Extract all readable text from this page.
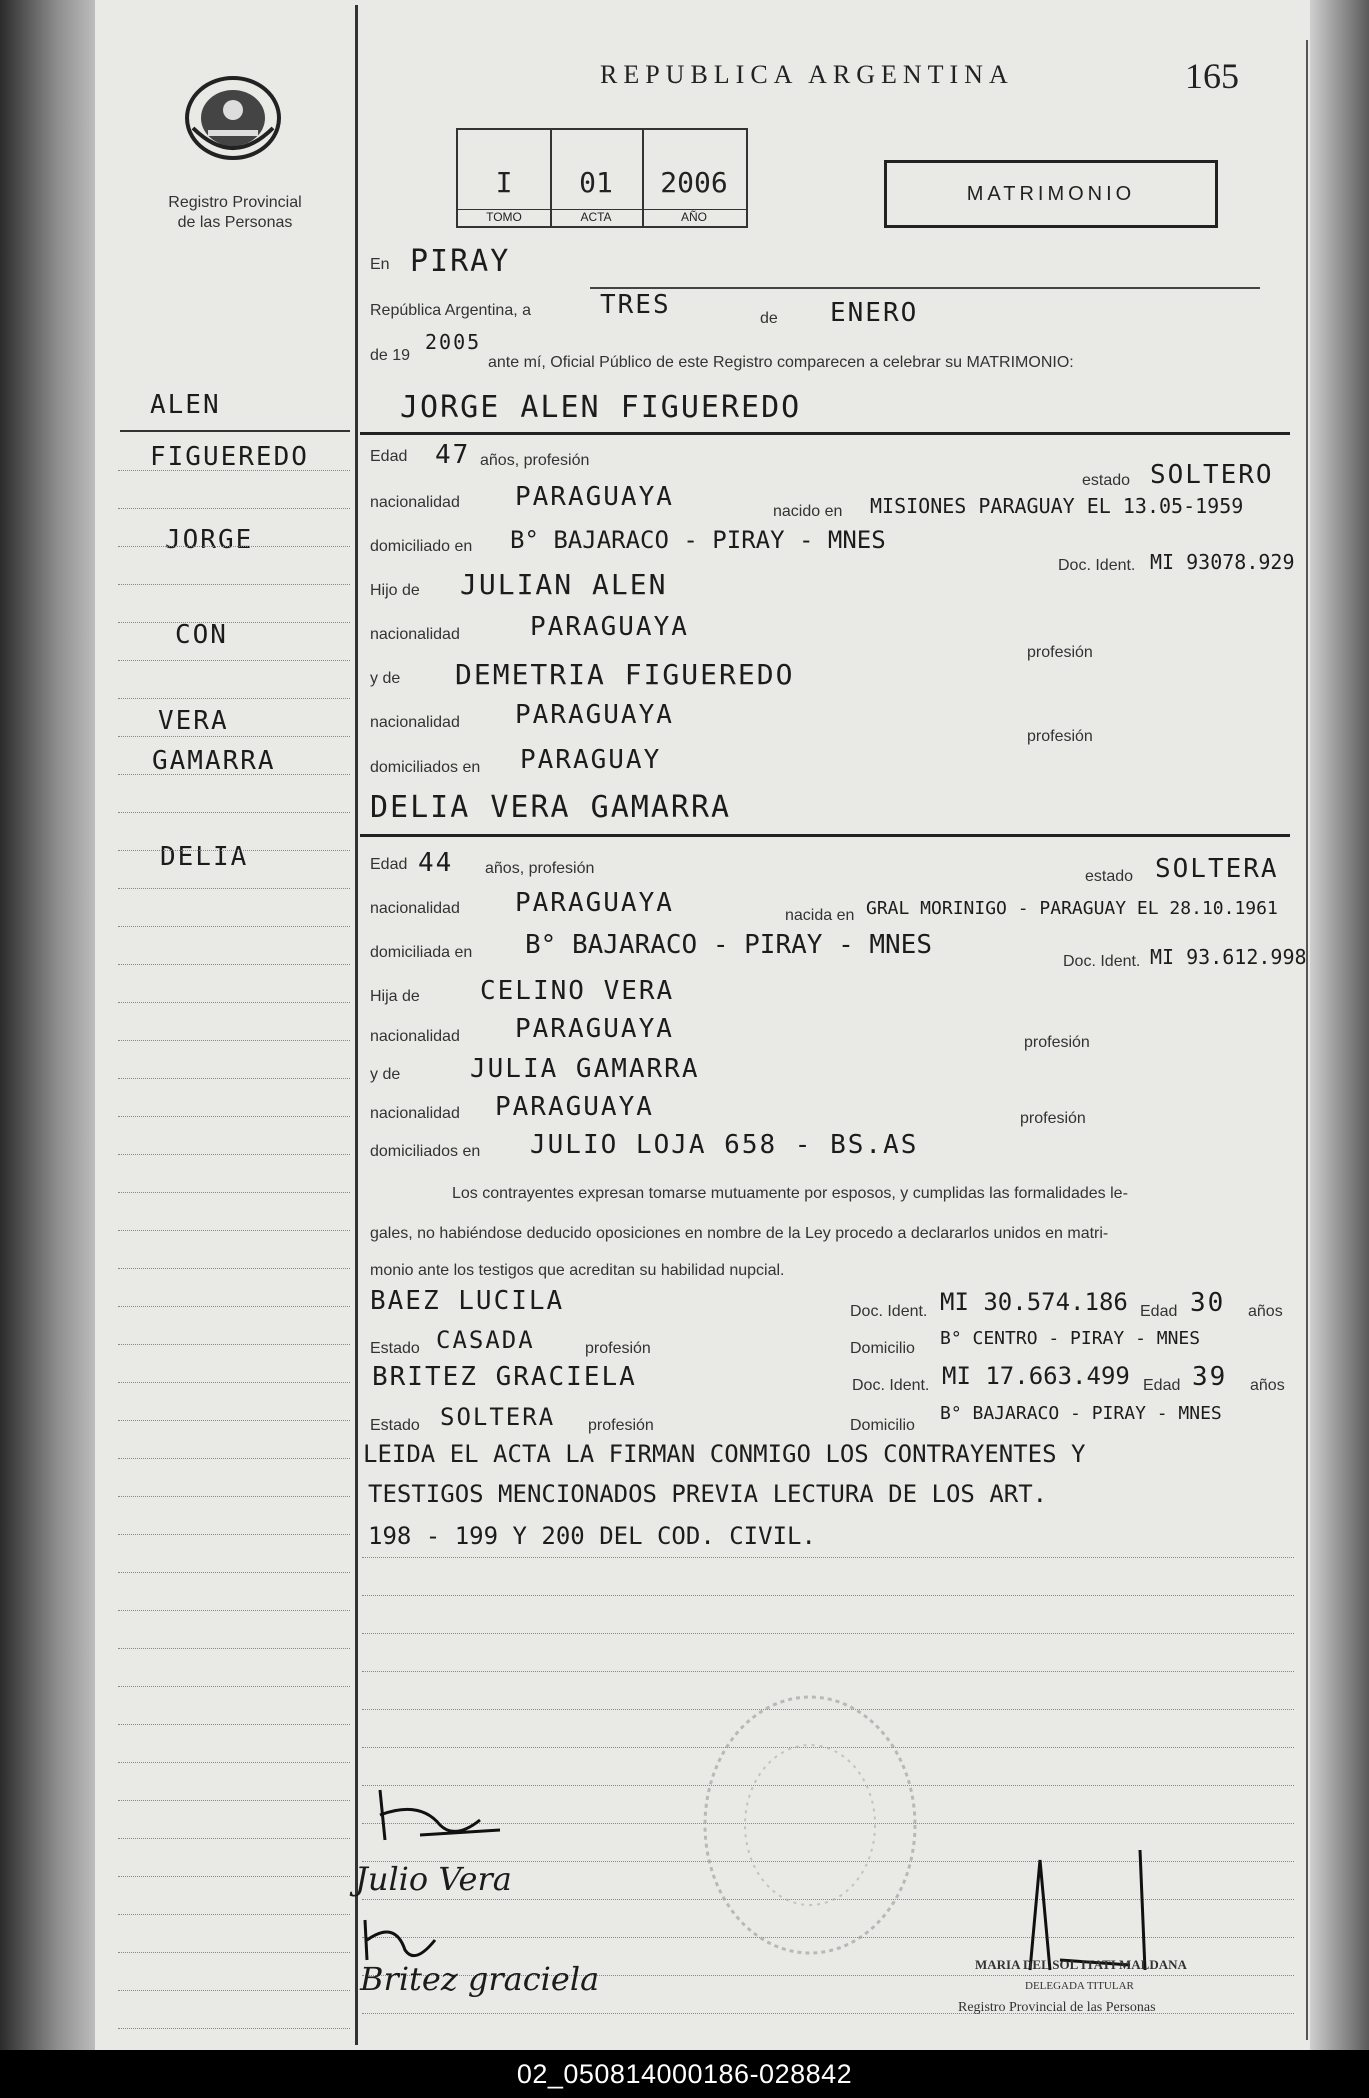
Registro Provincial
de las Personas
REPUBLICA ARGENTINA	165
I
TOMO
01
ACTA
2006
AÑO
MATRIMONIO
ALEN
FIGUEREDO
JORGE
CON
VERA
GAMARRA
DELIA
En PIRAY
República Argentina, a	TRES	de ENERO
de 19
2005
ante mí, Oficial Público de este Registro comparecen a celebrar su MATRIMONIO:
JORGE ALEN FIGUEREDO
Edad 47 años, profesión
estado SOLTERO
nacionalidad PARAGUAYA	nacido en MISIONES PARAGUAY EL 13.05-1959
domiciliado en B° BAJARACO - PIRAY - MNES
Doc. Ident. MI 93078.929
Hijo de JULIAN ALEN
nacionalidad	PARAGUAYA
profesión
y de DEMETRIA FIGUEREDO
nacionalidad PARAGUAYA
profesión
domiciliados en PARAGUAY
DELIA VERA GAMARRA
Edad 44 años, profesión	estado SOLTERA
nacionalidad PARAGUAYA	nacida en GRAL MORINIGO - PARAGUAY EL 28.10.1961
domiciliada en B° BAJARACO - PIRAY - MNES
Doc. Ident. MI 93.612.998
Hija de CELINO VERA
nacionalidad PARAGUAYA	profesión
y de	JULIA GAMARRA
nacionalidad PARAGUAYA	profesión
domiciliados en JULIO LOJA 658 - BS.AS
Los contrayentes expresan tomarse mutuamente por esposos, y cumplidas las formalidades le-
gales, no habiéndose deducido oposiciones en nombre de la Ley procedo a declararlos unidos en matri-
monio ante los testigos que acreditan su habilidad nupcial.
BAEZ LUCILA	Doc. Ident. MI 30.574.186 Edad 30 años
Estado CASADA	profesión	Domicilio B° CENTRO - PIRAY - MNES
BRITEZ GRACIELA	Doc. Ident. MI 17.663.499 Edad 39 años
Estado SOLTERA profesión	Domicilio
B° BAJARACO - PIRAY - MNES
LEIDA EL ACTA LA FIRMAN CONMIGO LOS CONTRAYENTES Y
TESTIGOS MENCIONADOS PREVIA LECTURA DE LOS ART.
198 - 199 Y 200 DEL COD. CIVIL.
Julio Vera
Britez graciela	MARIA DEL SOL ITATI MALDANA
DELEGADA TITULAR
Registro Provincial de las Personas
02_050814000186-028842
